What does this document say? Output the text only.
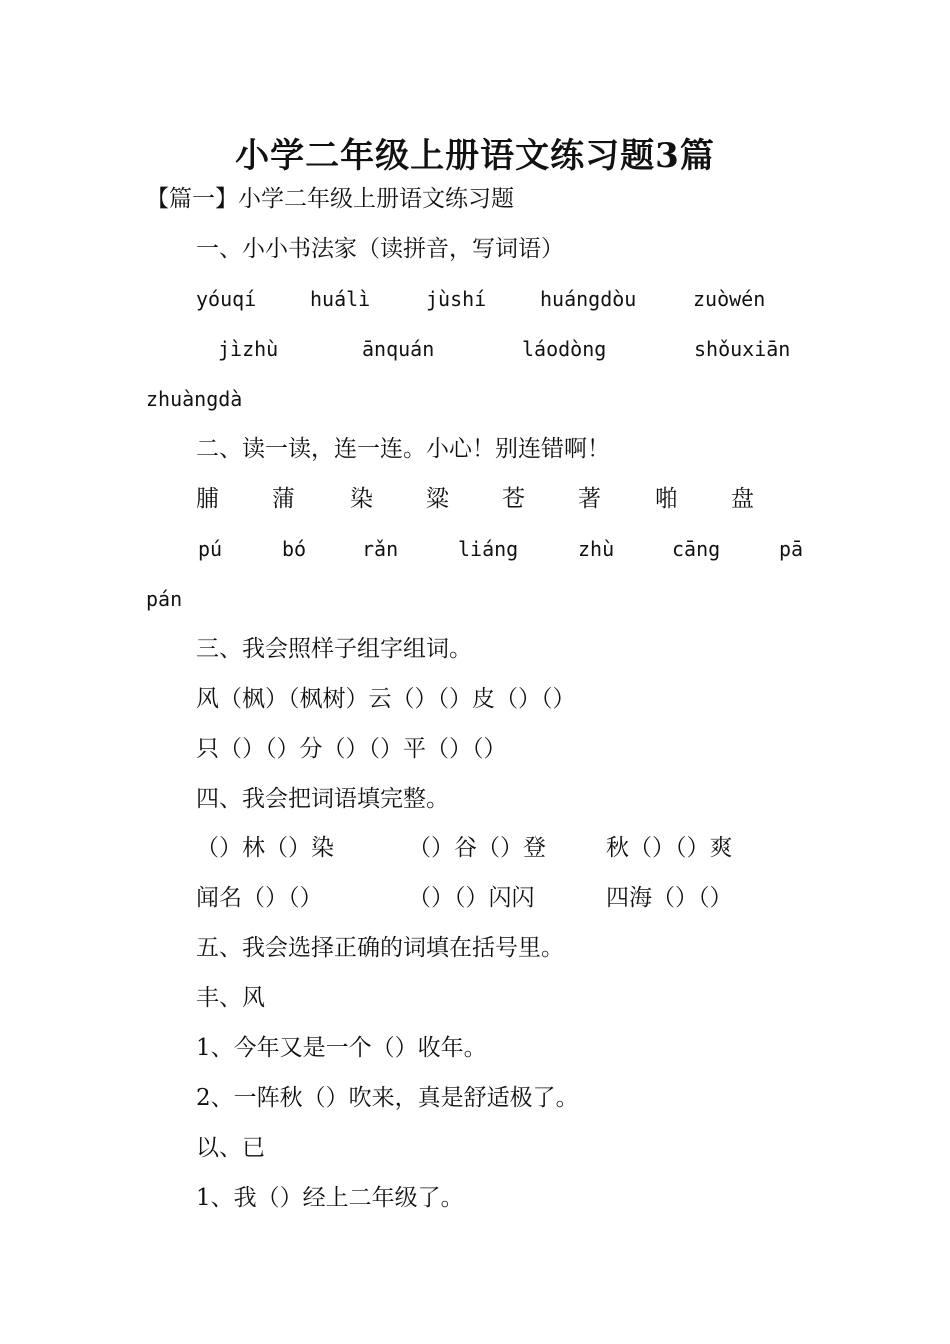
小学二年级上册语文练习题3篇
【篇一】小学二年级上册语文练习题
一、小小书法家（读拼音，写词语）
yóuqí	huálì	jùshí	huángdòu	zuòwén
jìzhù	ānquán	láodòng	shǒuxiān
zhuàngdà
二、读一读，连一连。小心！别连错啊！
脯 蒲 染 粱 苍 著 啪 盘
pú	bó	rǎn	liáng	zhù	cāng	pā
pán
三、我会照样子组字组词。
风（枫）（枫树）云（）（）皮（）（）
只（）（）分（）（）平（）（）
四、我会把词语填完整。
（）林（）染	（）谷（）登	秋（）（）爽
闻名（）（）	（）（）闪闪	四海（）（）
五、我会选择正确的词填在括号里。
丰、风
1、今年又是一个（）收年。
2、一阵秋（）吹来，真是舒适极了。
以、已
1、我（）经上二年级了。
